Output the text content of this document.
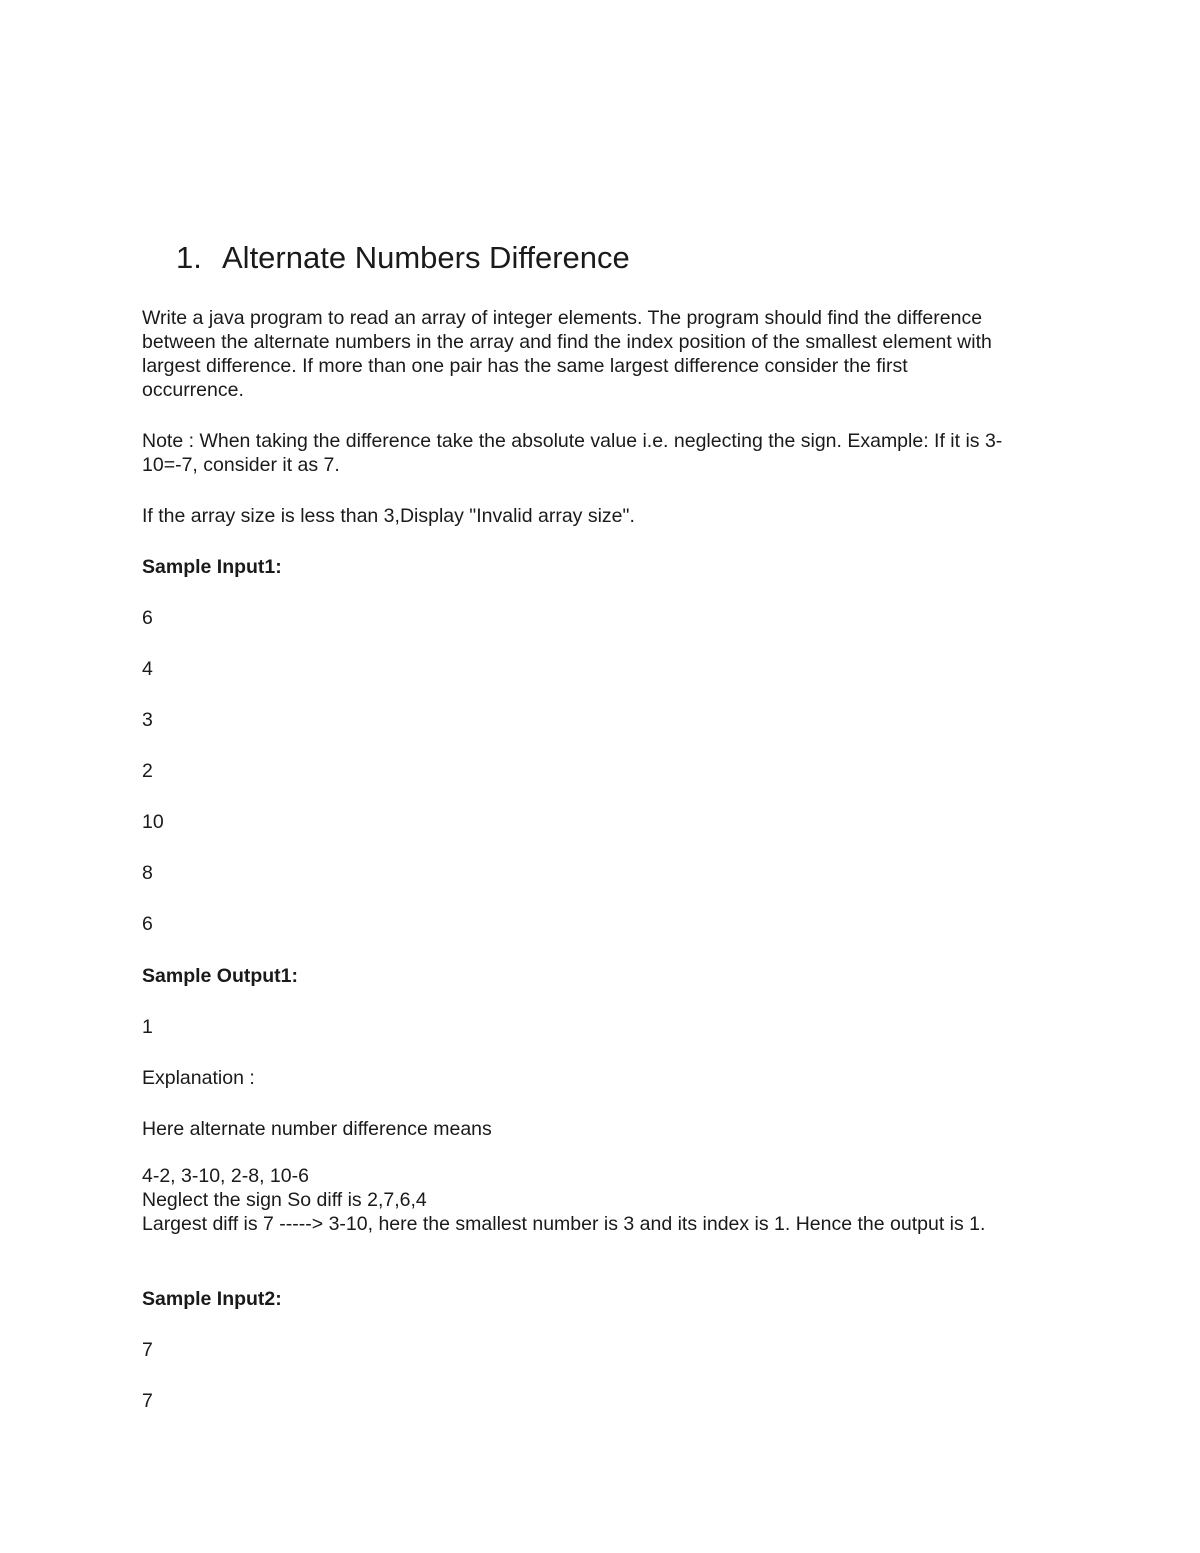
1. Alternate Numbers Difference

Write a java program to read an array of integer elements. The program should find the difference

between the alternate numbers in the array and find the index position of the smallest element with

largest difference. If more than one pair has the same largest difference consider the first

occurrence.

Note : When taking the difference take the absolute value i.e. neglecting the sign. Example: If it is 3-

10=-7, consider it as 7.

If the array size is less than 3,Display "Invalid array size".

Sample Input1:

6

4

3

2

10

8

6

Sample Output1:

1

Explanation :

Here alternate number difference means

4-2, 3-10, 2-8, 10-6

Neglect the sign So diff is 2,7,6,4

Largest diff is 7 -----> 3-10, here the smallest number is 3 and its index is 1. Hence the output is 1.

Sample Input2:

7

7
